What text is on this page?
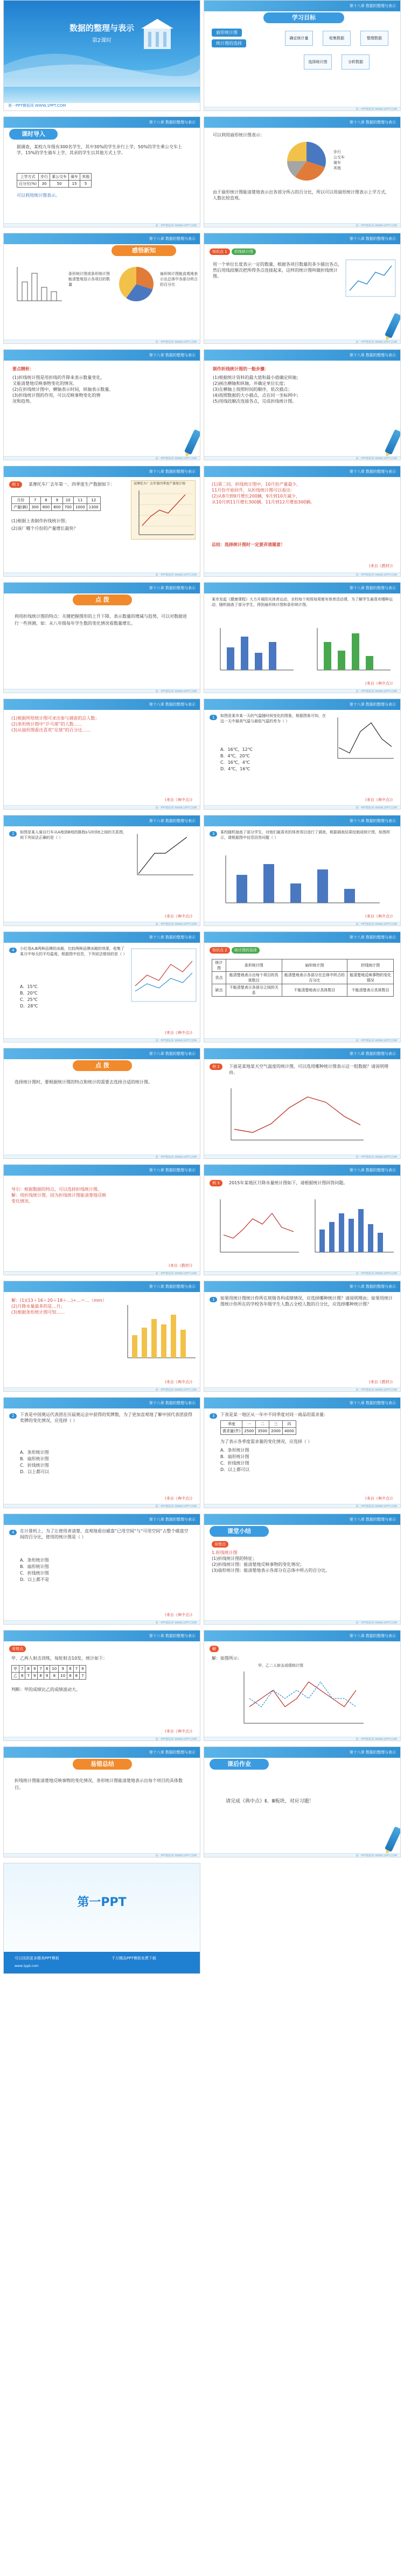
数据的整理与表示
第2课时
第一PPT模板网 WWW.1PPT.COM
第十八章 数据的整理与表示
学习目标
扇形统计图
统计图的选择
确定统计量	收集数据	整理数据
选择统计图	分析数据
第一PPT模板网 WWW.1PPT.COM
第十八章 数据的整理与表示
课时导入
据调查，某校九年级有300名学生，其中30%的学生步行上学，50%的学生乘公交车上学，15%的学生骑车上学，其余的学生以其他方式上学。
上学方式	步行	乘公交车	骑车	其他
百分比(%)	30	50	15	5
可以利用统计图表示。
第一PPT模板网 WWW.1PPT.COM
第十八章 数据的整理与表示
可以利用扇形统计图表示：
步行
公交车
骑车
其他
由于扇形统计图能清楚地表示出各部分所占的百分比，所以可以用扇形统计图表示上学方式，人数比较直观。
第一PPT模板网 WWW.1PPT.COM
第十八章 数据的整理与表示
感悟新知
条形统计图或条形统计图能清楚地显示各项目的数量
扇形统计图能直观地表示出总体中各部分所占的百分比
第一PPT模板网 WWW.1PPT.COM
第十八章 数据的整理与表示
知识点 1 折线统计图
用一个单位长度表示一定的数量，根据各项目数量的多少描出各点，然后用线段顺次把所得各点连接起来，这样的统计图叫做折线统计图。
第一PPT模板网 WWW.1PPT.COM
第十八章 数据的整理与表示
要点精析：
(1)折线统计图是用折线的升降来表示数量变化，
又能清楚地反映事物变化的情况。
(2)在折线统计图中，横轴表示时间，纵轴表示数量。
(3)折线统计图的作用，可以反映事物变化的情
况和趋势。
第一PPT模板网 WWW.1PPT.COM
第十八章 数据的整理与表示
制作折线统计图的一般步骤：
(1)根据统计资料的最大值和最小值确定纵轴；
(2)画出横轴和纵轴，并确定单位长度；
(3)在横轴上按照时间的顺序，依次描点；
(4)按照数据的大小描点，点在同一坐标网中；
(5)用线段顺次连接各点，完成折线统计图。
第一PPT模板网 WWW.1PPT.COM
第十八章 数据的整理与表示
例 1	某摩托车厂去年第一、四季度生产数据如下：
月份	7	8	9	10	11	12
产量(辆)	300	600	800	700	1000	1300
(1)根据上表制作折线统计图；
(2)该厂哪个月份的产量增长最快？
某摩托车厂去年第四季度产量统计图
第一PPT模板网 WWW.1PPT.COM
第十八章 数据的整理与表示
(1)第二问、折线统计图中，10月份产量最少，
11月份开始回升，从折线统计图可以看出：
(2)从8月到9月增长200辆，9月到10月减少，
从10月到11月增长300辆，11月到12月增加300辆。
总结：选择统计图时一定要弄清题意！
(来自《教材》)
第一PPT模板网 WWW.1PPT.COM
第十八章 数据的整理与表示
点 拨
利用折线统计图的特点：关键把握图形的上升下降，表示数量的增减与趋势，可以对数据进行一些预测，如：从八年级每年学生数的变化情况看数量增长。
第一PPT模板网 WWW.1PPT.COM
第十八章 数据的整理与表示
某市发起《健康课程》大力开展阳光体育运动，全校每个班级每周都有体育活动课，为了解学生最喜欢哪种运动，随机抽查了部分学生，得到扇形统计图和条形统计图。
(来自《典中点》)
第一PPT模板网 WWW.1PPT.COM
第十八章 数据的整理与表示
(1)根据所给统计图可求出参与调查的总人数；
(2)条形统计图中“乒乓球”的人数……
(3)从扇形图看出喜欢“足球”的百分比……
(来自《典中点》)
第一PPT模板网 WWW.1PPT.COM
第十八章 数据的整理与表示
1	如图是某市某一天的气温随时间变化的图象，根据图象可知，在这一天中最高气温与最低气温的差为（ ）
A．16℃，12℃
B．4℃，20℃
C．16℃，4℃
D．4℃，16℃
(来自《典中点》)
第一PPT模板网 WWW.1PPT.COM
第十八章 数据的整理与表示
2	如图是某人骑自行车从A地到B地的路程s与时间t之间的关系图，则下列说法正确的是（ ）
(来自《典中点》)
第一PPT模板网 WWW.1PPT.COM
第十八章 数据的整理与表示
3	某校随机抽查了部分学生，对他们最喜欢的体育项目进行了调查，根据调查结果绘制成统计图，如图所示，请根据图中信息回答问题（ ）
(来自《典中点》)
第一PPT模板网 WWW.1PPT.COM
第十八章 数据的整理与表示
4	小红用A,B两种品牌的冰箱，比较两种品牌冰箱的效果，收集了某月中每天的平均温度，根据图中信息，下列说法错误的是（ ）
A．15℃
B．20℃
C．25℃
D．28℃
(来自《典中点》)
第一PPT模板网 WWW.1PPT.COM
第十八章 数据的整理与表示
知识点 2 统计图的选择
统计图	条形统计图	扇形统计图	折线统计图
优点	能清楚地表示出每个项目的具体数目	能清楚地表示各部分在总体中所占的百分比	能清楚地反映事物的变化情况
缺点	不能清楚表示各部分之间的关系	不能清楚地表示具体数目	不能清楚表示具体数目
第一PPT模板网 WWW.1PPT.COM
第十八章 数据的整理与表示
点 拨
选择统计图时，要根据统计图的特点和统计的需要去选择合适的统计图。
第一PPT模板网 WWW.1PPT.COM
第十八章 数据的整理与表示
例 2	下面是某地某天空气温度的统计图，可以选用哪种统计图表示这一组数据？请说明理由。
第一PPT模板网 WWW.1PPT.COM
第十八章 数据的整理与表示
导引：根据数据的特点，可以选择折线统计图。
解：用折线统计图，因为折线统计图能清楚地反映
变化情况。
(来自《教材》)
第一PPT模板网 WWW.1PPT.COM
第十八章 数据的整理与表示
例 3	2015年某地区月降水量统计图如下，请根据统计图回答问题。
第一PPT模板网 WWW.1PPT.COM
第十八章 数据的整理与表示
解：(1)(13＋16＋20＋18＋…)÷…＝…（mm）
(2)月降水量最多的是…月；
(3)根据条形统计图可知……
(来自《典中点》)
第一PPT模板网 WWW.1PPT.COM
第十八章 数据的整理与表示
1	如果用统计图统计你所在班级各科成绩情况，应选择哪种统计图？请说明理由；如果用统计图统计你所在的学校各年级学生人数占全校人数的百分比，应选择哪种统计图？
(来自《教材》)
第一PPT模板网 WWW.1PPT.COM
第十八章 数据的整理与表示
2	下表是中国奥运代表团在历届奥运会中获得的奖牌数，为了更加直观地了解中国代表团获得奖牌的变化情况，应选择（ ）
A．条形统计图
B．扇形统计图
C．折线统计图
D．以上都可以
(来自《典中点》)
第一PPT模板网 WWW.1PPT.COM
第十八章 数据的整理与表示
3	下表是某一地区从一年中不同季度对同一商品的需求量：
季度	一	二	三	四
需求量(件)	2500	3500	2000	4000
为了表示各季度需求量的变化情况，应选择（ ）
A．条形统计图
B．扇形统计图
C．折线统计图
D．以上都可以
(来自《典中点》)
第一PPT模板网 WWW.1PPT.COM
第十八章 数据的整理与表示
4	在计算机上，为了让使用者清楚、直观地看出磁盘“已用空间”与“可用空间”占整个磁盘空间的百分比，使用的统计图是（ ）
A．条形统计图
B．扇形统计图
C．折线统计图
D．以上都不是
(来自《典中点》)
第一PPT模板网 WWW.1PPT.COM
第十八章 数据的整理与表示
课堂小结
易错点
1.折线统计图
(1)折线统计图的特征；
(2)折线统计图：能清楚地反映事物的变化情况；
(3)扇形统计图：能清楚地表示各部分在总体中所占的百分比。
第一PPT模板网 WWW.1PPT.COM
第十八章 数据的整理与表示
易错点
甲、乙两人射击训练，每轮射击10发，统计如下：
甲	7	8	9	7	8	10	9	8	7	9
乙	8	7	9	8	9	8	10	8	8	7
判断：甲的成绩比乙的成绩波动大。
(来自《典中点》)
第一PPT模板网 WWW.1PPT.COM
第十八章 数据的整理与表示
解
解：如图所示：
甲、乙二人射击成绩统计图
第一PPT模板网 WWW.1PPT.COM
第十八章 数据的整理与表示
易错总结
折线统计图能清楚地反映事物的变化情况，条形统计图能清楚地表示出每个项目的具体数目。
第一PPT模板网 WWW.1PPT.COM
第十八章 数据的整理与表示
课后作业
请完成《典中点》Ⅱ、Ⅲ板块，对应习题！
第一PPT模板网 WWW.1PPT.COM
第一PPT
可以找到更多精美PPT模板	千万精品PPT模板免费下载
www.1ppt.com
